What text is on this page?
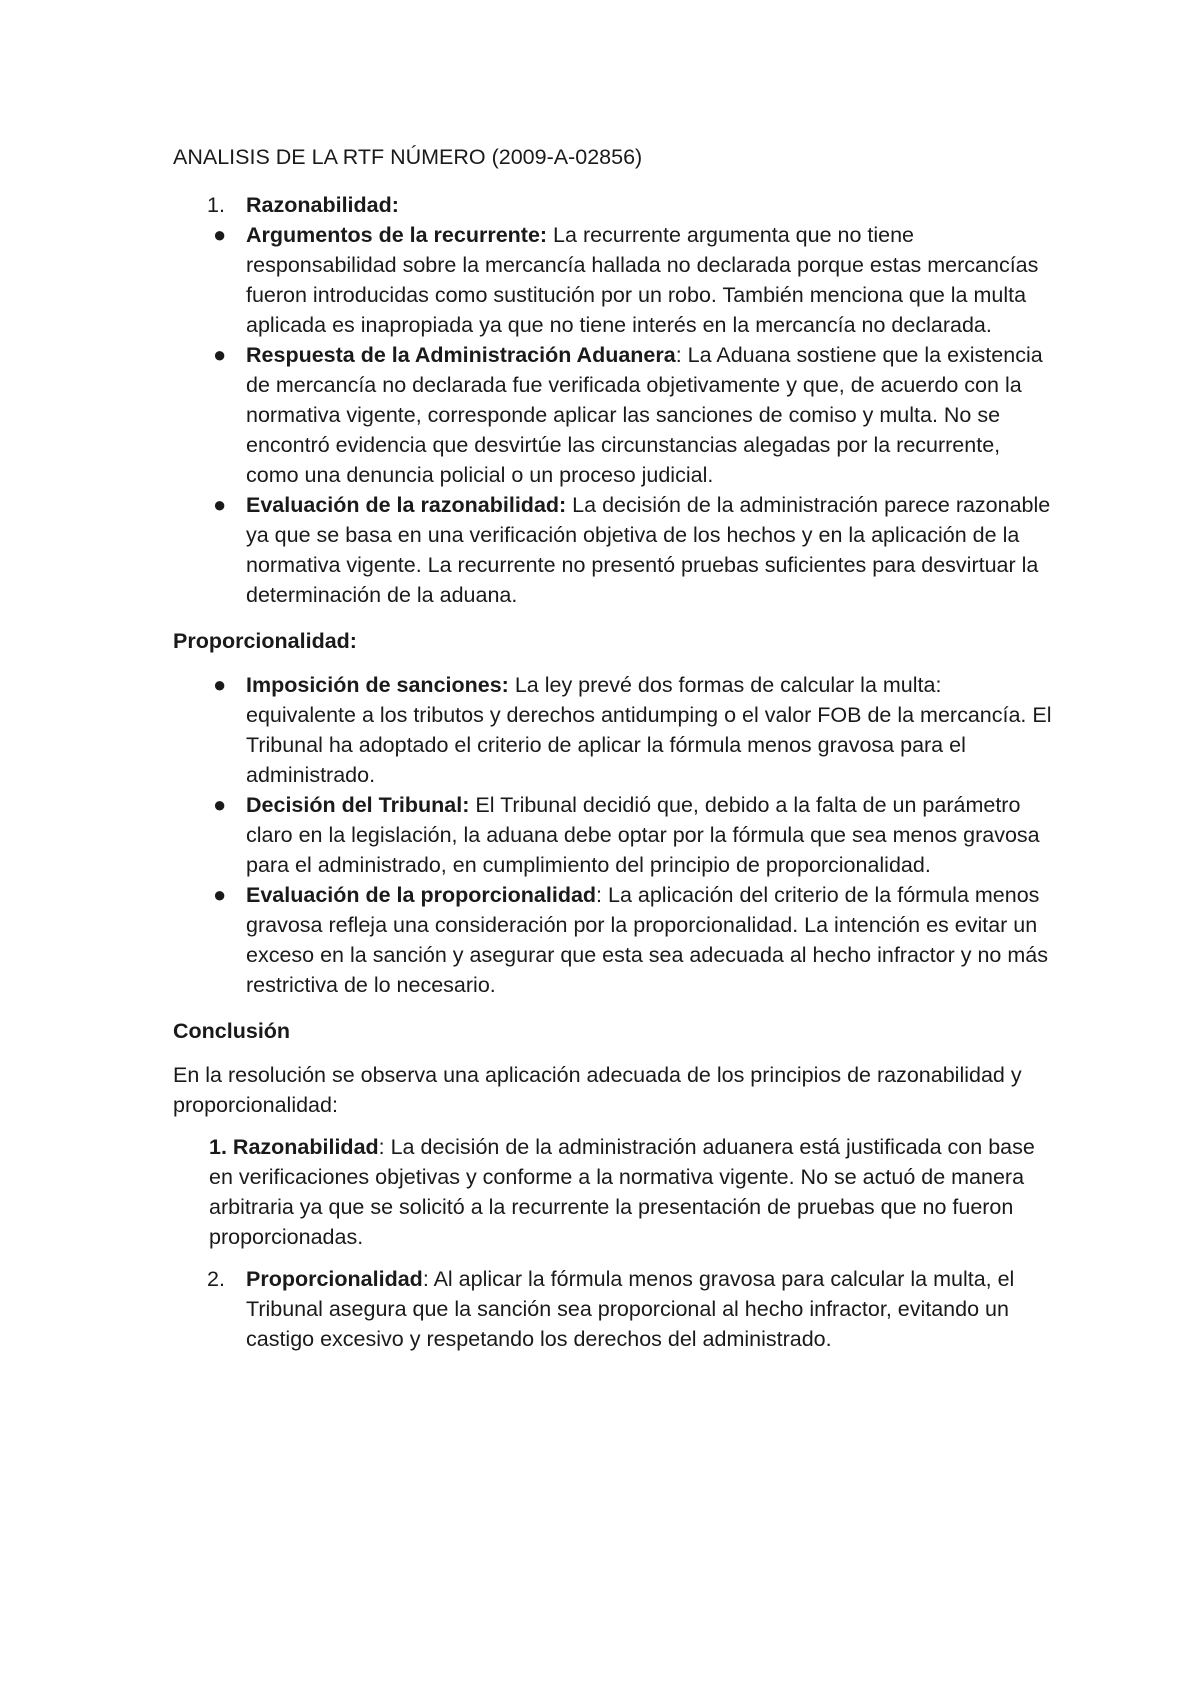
ANALISIS DE LA RTF NÚMERO (2009-A-02856)
1. Razonabilidad:
● Argumentos de la recurrente: La recurrente argumenta que no tiene responsabilidad sobre la mercancía hallada no declarada porque estas mercancías fueron introducidas como sustitución por un robo. También menciona que la multa aplicada es inapropiada ya que no tiene interés en la mercancía no declarada.
● Respuesta de la Administración Aduanera: La Aduana sostiene que la existencia de mercancía no declarada fue verificada objetivamente y que, de acuerdo con la normativa vigente, corresponde aplicar las sanciones de comiso y multa. No se encontró evidencia que desvirtúe las circunstancias alegadas por la recurrente, como una denuncia policial o un proceso judicial.
● Evaluación de la razonabilidad: La decisión de la administración parece razonable ya que se basa en una verificación objetiva de los hechos y en la aplicación de la normativa vigente. La recurrente no presentó pruebas suficientes para desvirtuar la determinación de la aduana.
Proporcionalidad:
● Imposición de sanciones: La ley prevé dos formas de calcular la multa: equivalente a los tributos y derechos antidumping o el valor FOB de la mercancía. El Tribunal ha adoptado el criterio de aplicar la fórmula menos gravosa para el administrado.
● Decisión del Tribunal: El Tribunal decidió que, debido a la falta de un parámetro claro en la legislación, la aduana debe optar por la fórmula que sea menos gravosa para el administrado, en cumplimiento del principio de proporcionalidad.
● Evaluación de la proporcionalidad: La aplicación del criterio de la fórmula menos gravosa refleja una consideración por la proporcionalidad. La intención es evitar un exceso en la sanción y asegurar que esta sea adecuada al hecho infractor y no más restrictiva de lo necesario.
Conclusión
En la resolución se observa una aplicación adecuada de los principios de razonabilidad y proporcionalidad:
1. Razonabilidad: La decisión de la administración aduanera está justificada con base en verificaciones objetivas y conforme a la normativa vigente. No se actuó de manera arbitraria ya que se solicitó a la recurrente la presentación de pruebas que no fueron proporcionadas.
2. Proporcionalidad: Al aplicar la fórmula menos gravosa para calcular la multa, el Tribunal asegura que la sanción sea proporcional al hecho infractor, evitando un castigo excesivo y respetando los derechos del administrado.
